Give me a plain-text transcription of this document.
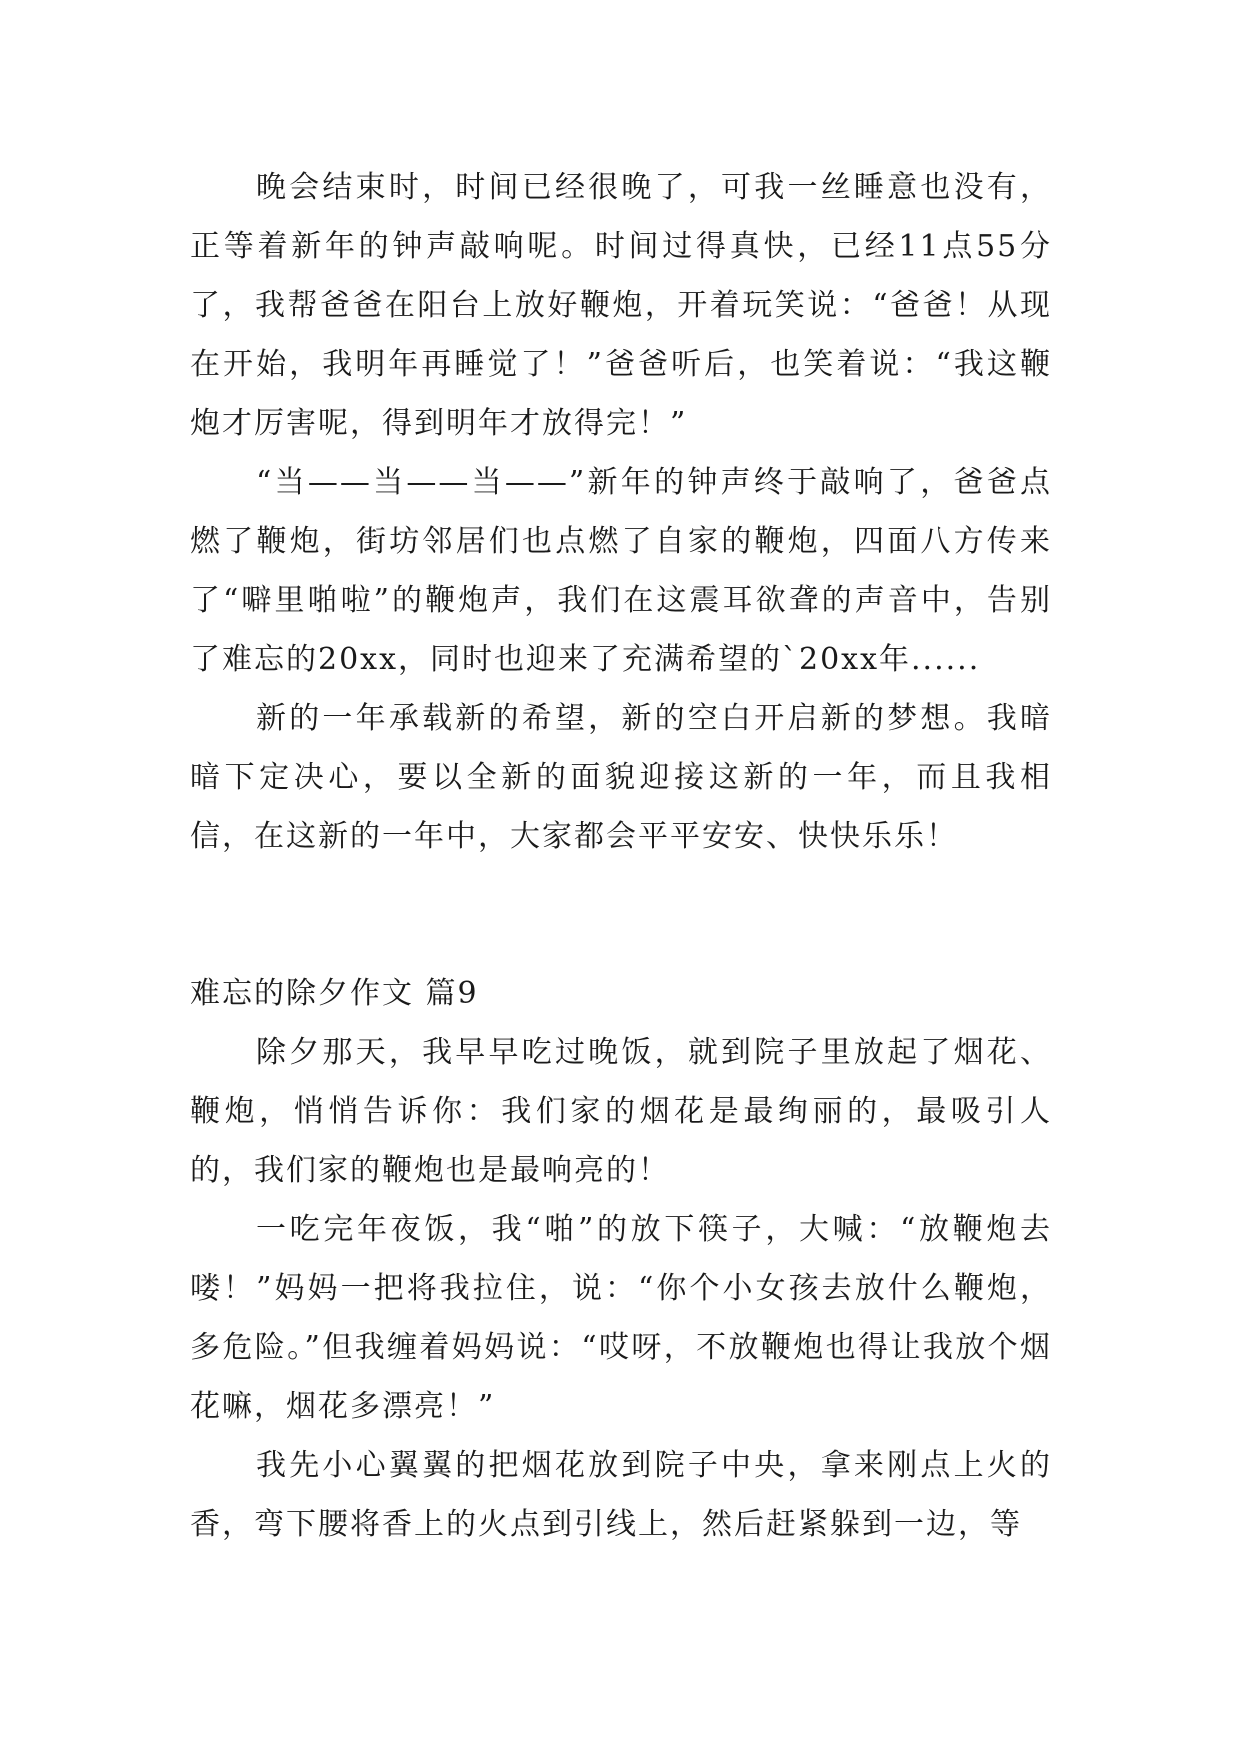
晚会结束时，时间已经很晚了，可我一丝睡意也没有，正等着新年的钟声敲响呢。时间过得真快，已经11点55分了，我帮爸爸在阳台上放好鞭炮，开着玩笑说：“爸爸！从现在开始，我明年再睡觉了！”爸爸听后，也笑着说：“我这鞭炮才厉害呢，得到明年才放得完！”

“当——当——当——”新年的钟声终于敲响了，爸爸点燃了鞭炮，街坊邻居们也点燃了自家的鞭炮，四面八方传来了“噼里啪啦”的鞭炮声，我们在这震耳欲聋的声音中，告别了难忘的20xx，同时也迎来了充满希望的`20xx年......

新的一年承载新的希望，新的空白开启新的梦想。我暗暗下定决心，要以全新的面貌迎接这新的一年，而且我相信，在这新的一年中，大家都会平平安安、快快乐乐！

难忘的除夕作文 篇9

除夕那天，我早早吃过晚饭，就到院子里放起了烟花、鞭炮，悄悄告诉你：我们家的烟花是最绚丽的，最吸引人的，我们家的鞭炮也是最响亮的！

一吃完年夜饭，我“啪”的放下筷子，大喊：“放鞭炮去喽！”妈妈一把将我拉住，说：“你个小女孩去放什么鞭炮，多危险。”但我缠着妈妈说：“哎呀，不放鞭炮也得让我放个烟花嘛，烟花多漂亮！”

我先小心翼翼的把烟花放到院子中央，拿来刚点上火的香，弯下腰将香上的火点到引线上，然后赶紧躲到一边，等
